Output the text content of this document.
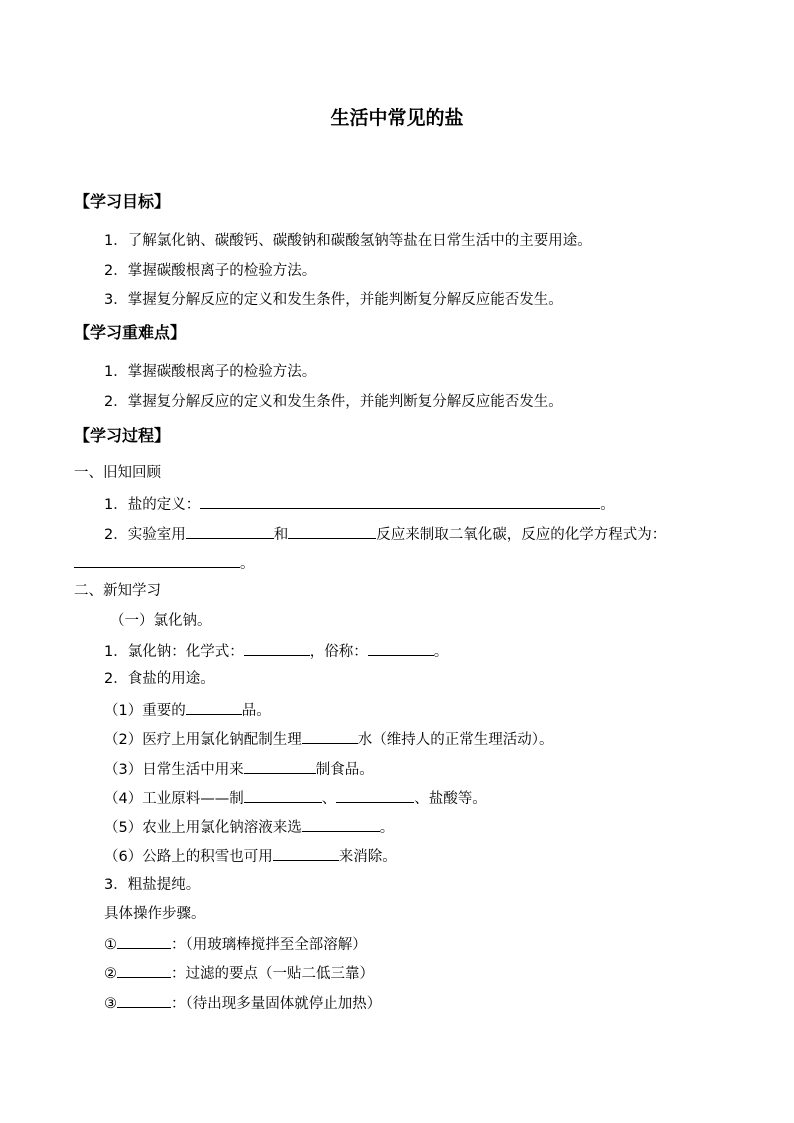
生活中常见的盐
【学习目标】
1．了解氯化钠、碳酸钙、碳酸钠和碳酸氢钠等盐在日常生活中的主要用途。
2．掌握碳酸根离子的检验方法。
3．掌握复分解反应的定义和发生条件，并能判断复分解反应能否发生。
【学习重难点】
1．掌握碳酸根离子的检验方法。
2．掌握复分解反应的定义和发生条件，并能判断复分解反应能否发生。
【学习过程】
一、旧知回顾
1．盐的定义：	。
2．实验室用	和	反应来制取二氧化碳，反应的化学方程式为：
。
二、新知学习
（一）氯化钠。
1．氯化钠：化学式：	，俗称：	。
2．食盐的用途。
（1）重要的	品。
（2）医疗上用氯化钠配制生理	水（维持人的正常生理活动）。
（3）日常生活中用来	制食品。
（4）工业原料——制	、	、盐酸等。
（5）农业上用氯化钠溶液来选	。
（6）公路上的积雪也可用	来消除。
3．粗盐提纯。
具体操作步骤。
①	：（用玻璃棒搅拌至全部溶解）
②	：过滤的要点（一贴二低三靠）
③	：（待出现多量固体就停止加热）
